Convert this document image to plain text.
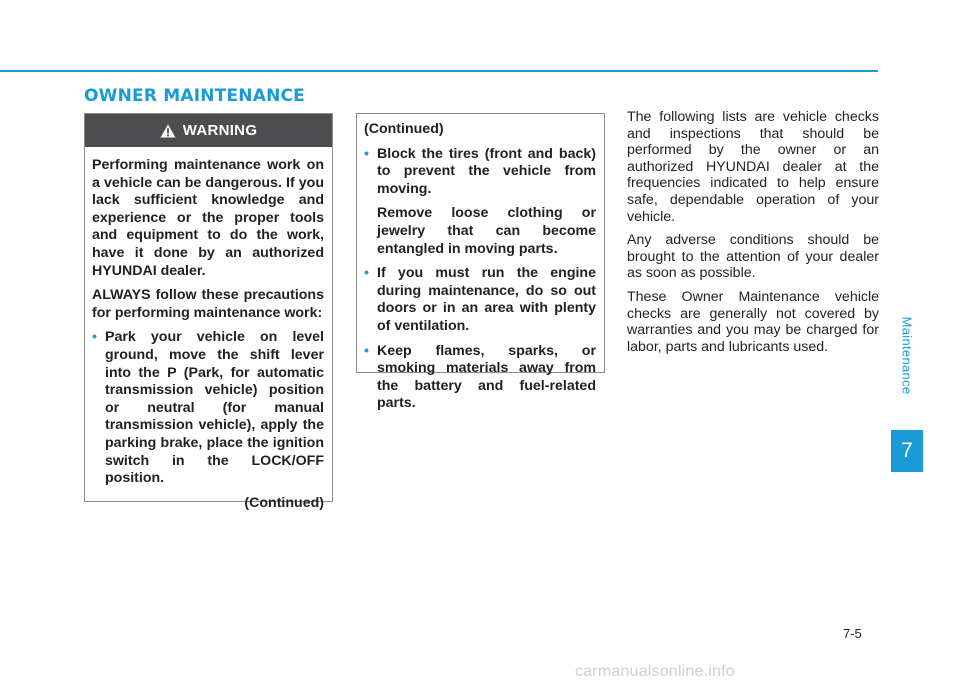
OWNER MAINTENANCE
WARNING

Performing maintenance work on a vehicle can be dangerous. If you lack sufficient knowledge and experience or the proper tools and equipment to do the work, have it done by an authorized HYUNDAI dealer.

ALWAYS follow these precautions for performing maintenance work:

• Park your vehicle on level ground, move the shift lever into the P (Park, for automatic transmission vehicle) position or neutral (for manual transmission vehicle), apply the parking brake, place the ignition switch in the LOCK/OFF position.

(Continued)

(Continued)

• Block the tires (front and back) to prevent the vehicle from moving.

Remove loose clothing or jewelry that can become entangled in moving parts.

• If you must run the engine during maintenance, do so out doors or in an area with plenty of ventilation.

• Keep flames, sparks, or smoking materials away from the battery and fuel-related parts.

The following lists are vehicle checks and inspections that should be performed by the owner or an authorized HYUNDAI dealer at the frequencies indicated to help ensure safe, dependable operation of your vehicle.

Any adverse conditions should be brought to the attention of your dealer as soon as possible.

These Owner Maintenance vehicle checks are generally not covered by warranties and you may be charged for labor, parts and lubricants used.	Maintenance
7
7-5
carmanualsonline.info
